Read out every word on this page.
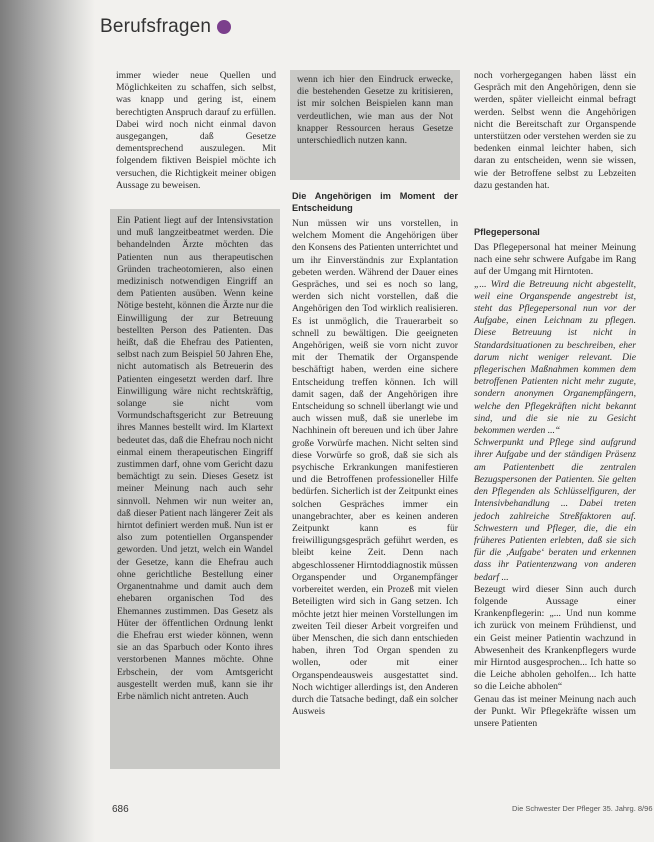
Berufsfragen

immer wieder neue Quellen und Möglichkeiten zu schaffen, sich selbst, was knapp und gering ist, einem berechtigten Anspruch darauf zu erfüllen. Dabei wird noch nicht einmal davon ausgegangen, daß Gesetze dementsprechend auszulegen. Mit folgendem fiktiven Beispiel möchte ich versuchen, die Richtigkeit meiner obigen Aussage zu beweisen.

Ein Patient liegt auf der Intensivstation und muß langzeitbeatmet werden. Die behandelnden Ärzte möchten das Patienten nun aus therapeutischen Gründen tracheotomieren, also einen medizinisch notwendigen Eingriff an dem Patienten ausüben. Wenn keine Nötige besteht, können die Ärzte nur die Einwilligung der zur Betreuung bestellten Person des Patienten. Das heißt, daß die Ehefrau des Patienten, selbst nach zum Beispiel 50 Jahren Ehe, nicht automatisch als Betreuerin des Patienten eingesetzt werden darf. Ihre Einwilligung wäre nicht rechtskräftig, solange sie nicht vom Vormundschaftsgericht zur Betreuung ihres Mannes bestellt wird. Im Klartext bedeutet das, daß die Ehefrau noch nicht einmal einem therapeutischen Eingriff zustimmen darf, ohne vom Gericht dazu bemächtigt zu sein. Dieses Gesetz ist meiner Meinung nach auch sehr sinnvoll. Nehmen wir nun weiter an, daß dieser Patient nach längerer Zeit als hirntot definiert werden muß. Nun ist er also zum potentiellen Organspender geworden. Und jetzt, welch ein Wandel der Gesetze, kann die Ehefrau auch ohne gerichtliche Bestellung einer Organentnahme und damit auch dem ehebaren organischen Tod des Ehemannes zustimmen. Das Gesetz als Hüter der öffentlichen Ordnung lenkt die Ehefrau erst wieder können, wenn sie an das Sparbuch oder Konto ihres verstorbenen Mannes möchte. Ohne Erbschein, der vom Amtsgericht ausgestellt werden muß, kann sie ihr Erbe nämlich nicht antreten. Auch

wenn ich hier den Eindruck erwecke, die bestehenden Gesetze zu kritisieren, ist mir solchen Beispielen kann man verdeutlichen, wie man aus der Not knapper Ressourcen heraus Gesetze unterschiedlich nutzen kann.

Die Angehörigen im Moment der Entscheidung

Nun müssen wir uns vorstellen, in welchem Moment die Angehörigen über den Konsens des Patienten unterrichtet und um ihr Einverständnis zur Explantation gebeten werden. Während der Dauer eines Gespräches, und sei es noch so lang, werden sich nicht vorstellen, daß die Angehörigen den Tod wirklich realisieren. Es ist unmöglich, die Trauerarbeit so schnell zu bewältigen. Die geeigneten Angehörigen, weiß sie vorn nicht zuvor mit der Thematik der Organspende beschäftigt haben, werden eine sichere Entscheidung treffen können. Ich will damit sagen, daß der Angehörigen ihre Entscheidung so schnell überlangt wie und auch wissen muß, daß sie unerlebe im Nachhinein oft bereuen und ich über Jahre große Vorwürfe machen. Nicht selten sind diese Vorwürfe so groß, daß sie sich als psychische Erkrankungen manifestieren und die Betroffenen professioneller Hilfe bedürfen. Sicherlich ist der Zeitpunkt eines solchen Gespräches immer ein unangebrachter, aber es keinen anderen Zeitpunkt kann es für freiwilligungsgespräch geführt werden, es bleibt keine Zeit. Denn nach abgeschlossener Hirntoddiagnostik müssen Organspender und Organempfänger vorbereitet werden, ein Prozeß mit vielen Beteiligten wird sich in Gang setzen. Ich möchte jetzt hier meinen Vorstellungen im zweiten Teil dieser Arbeit vorgreifen und über Menschen, die sich dann entschieden haben, ihren Tod Organ spenden zu wollen, oder mit einer Organspendeausweis ausgestattet sind. Noch wichtiger allerdings ist, den Anderen durch die Tatsache bedingt, daß ein solcher Ausweis

noch vorhergegangen haben lässt ein Gespräch mit den Angehörigen, denn sie werden, später vielleicht einmal befragt werden. Selbst wenn die Angehörigen nicht die Bereitschaft zur Organspende unterstützen oder verstehen werden sie zu bedenken einmal leichter haben, sich daran zu entscheiden, wenn sie wissen, wie der Betroffene selbst zu Lebzeiten dazu gestanden hat.

Pflegepersonal

Das Pflegepersonal hat meiner Meinung nach eine sehr schwere Aufgabe im Rang auf der Umgang mit Hirntoten.

„... Wird die Betreuung nicht abgestellt, weil eine Organspende angestrebt ist, steht das Pflegepersonal nun vor der Aufgabe, einen Leichnam zu pflegen. Diese Betreuung ist nicht in Standardsituationen zu beschreiben, eher darum nicht weniger relevant. Die pflegerischen Maßnahmen kommen dem betroffenen Patienten nicht mehr zugute, sondern anonymen Organempfängern, welche den Pflegekräften nicht bekannt sind, und die sie nie zu Gesicht bekommen werden ...“

Schwerpunkt und Pflege sind aufgrund ihrer Aufgabe und der ständigen Präsenz am Patientenbett die zentralen Bezugspersonen der Patienten. Sie gelten den Pflegenden als Schlüsselfiguren, der Intensivbehandlung ... Dabei treten jedoch zahlreiche Streßfaktoren auf. Schwestern und Pfleger, die, die ein früheres Patienten erlebten, daß sie sich für die ‚Aufgabe‘ beraten und erkennen dass ihr Patientenzwang von anderen bedarf ...

Bezeugt wird dieser Sinn auch durch folgende Aussage einer Krankenpflegerin: „... Und nun komme ich zurück von meinem Frühdienst, und ein Geist meiner Patientin wachzund in Abwesenheit des Krankenpflegers wurde mir Hirntod ausgesprochen... Ich hatte so die Leiche abholen geholfen... Ich hatte so die Leiche abholen“

Genau das ist meiner Meinung nach auch der Punkt. Wir Pflegekräfte wissen um unsere Patienten

686	Die Schwester Der Pfleger 35. Jahrg. 8/96
